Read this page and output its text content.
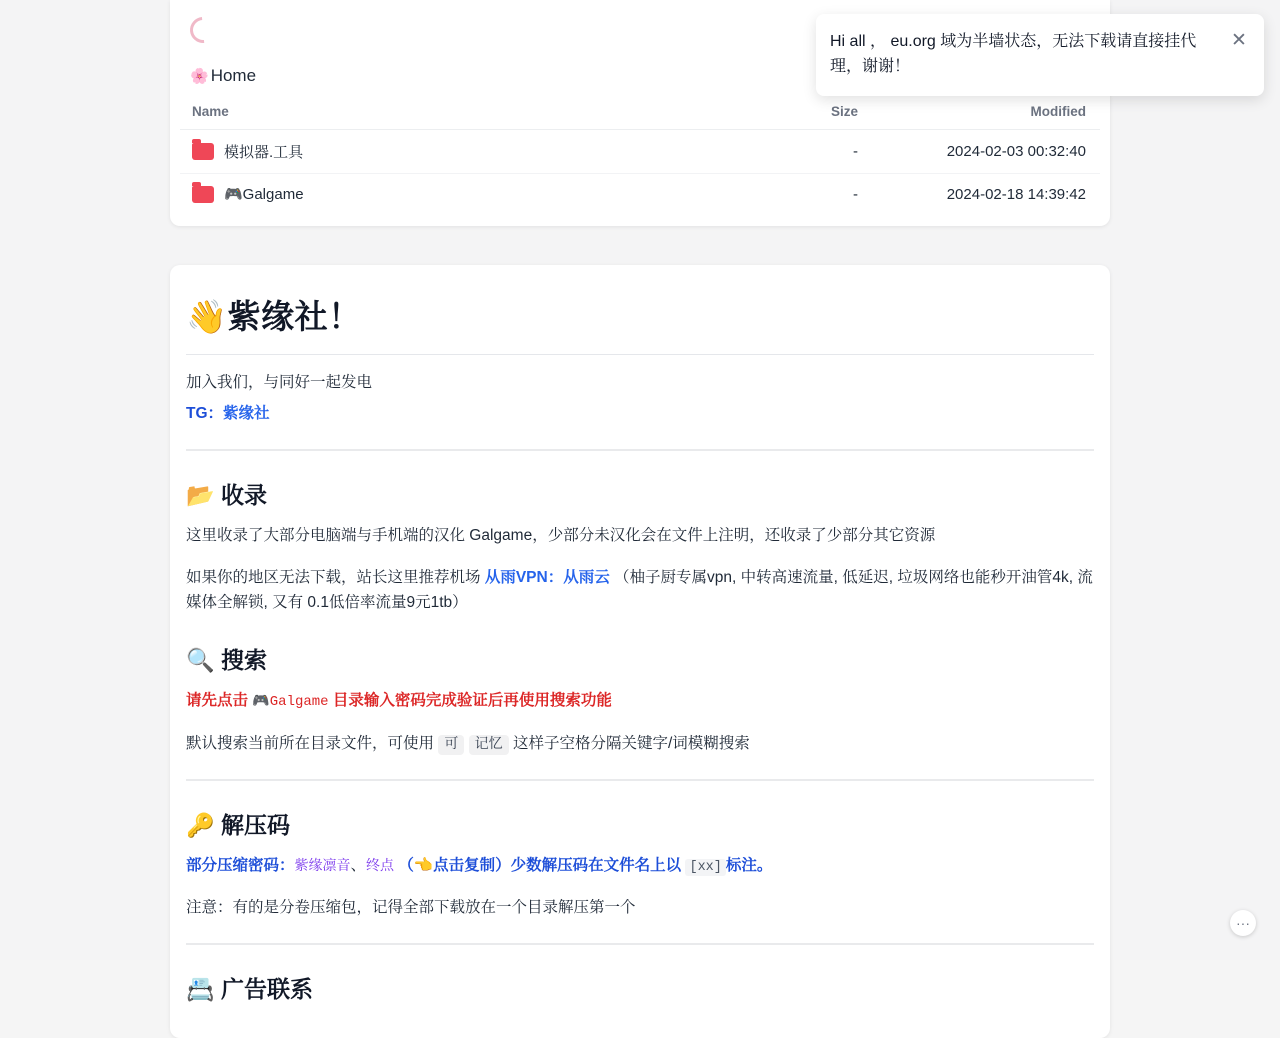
🌸 Home
Name	Size	Modified

模拟器.工具	-	2024-02-03 00:32:40

🎮Galgame	-	2024-02-18 14:39:42
👋紫缘社！

加入我们，与同好一起发电

TG：紫缘社

📂 收录

这里收录了大部分电脑端与手机端的汉化 Galgame，少部分未汉化会在文件上注明，还收录了少部分其它资源

如果你的地区无法下载，站长这里推荐机场 从雨VPN：从雨云 （柚子厨专属vpn, 中转高速流量, 低延迟, 垃圾网络也能秒开油管4k, 流媒体全解锁, 又有 0.1低倍率流量9元1tb）

🔍 搜索

请先点击 🎮Galgame 目录输入密码完成验证后再使用搜索功能

默认搜索当前所在目录文件，可使用 可 记忆 这样子空格分隔关键字/词模糊搜索

🔑 解压码

部分压缩密码：紫缘凛音、终点 （👈点击复制）少数解压码在文件名上以 [xx] 标注。

注意：有的是分卷压缩包，记得全部下载放在一个目录解压第一个

📇 广告联系
Hi all ， eu.org 域为半墙状态，无法下载请直接挂代理，谢谢！
✕
···
